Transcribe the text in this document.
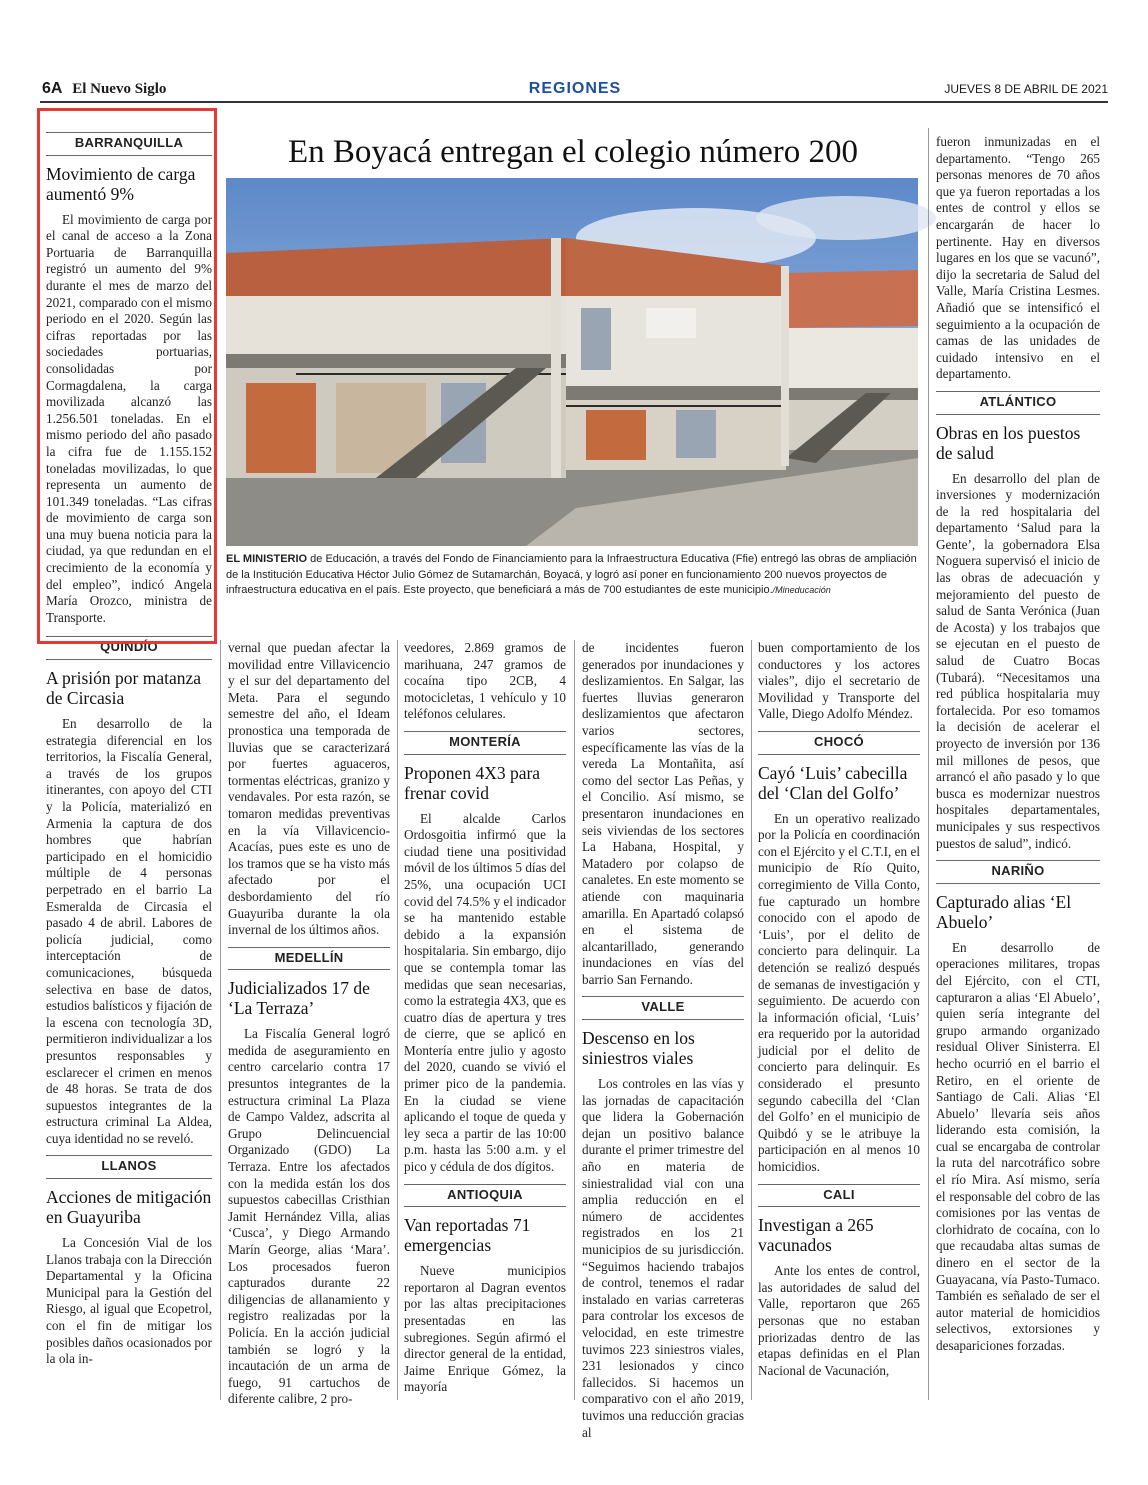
6A El Nuevo Siglo	REGIONES	JUEVES 8 DE ABRIL DE 2021
BARRANQUILLA
Movimiento de carga aumentó 9%

El movimiento de carga por el canal de acceso a la Zona Portuaria de Barranquilla registró un aumento del 9% durante el mes de marzo del 2021, comparado con el mismo periodo en el 2020. Según las cifras reportadas por las sociedades portuarias, consolidadas por Cormagdalena, la carga movilizada alcanzó las 1.256.501 toneladas. En el mismo periodo del año pasado la cifra fue de 1.155.152 toneladas movilizadas, lo que representa un aumento de 101.349 toneladas. “Las cifras de movimiento de carga son una muy buena noticia para la ciudad, ya que redundan en el crecimiento de la economía y del empleo”, indicó Angela María Orozco, ministra de Transporte.

QUINDÍO
A prisión por matanza de Circasia

En desarrollo de la estrategia diferencial en los territorios, la Fiscalía General, a través de los grupos itinerantes, con apoyo del CTI y la Policía, materializó en Armenia la captura de dos hombres que habrían participado en el homicidio múltiple de 4 personas perpetrado en el barrio La Esmeralda de Circasia el pasado 4 de abril. Labores de policía judicial, como interceptación de comunicaciones, búsqueda selectiva en base de datos, estudios balísticos y fijación de la escena con tecnología 3D, permitieron individualizar a los presuntos responsables y esclarecer el crimen en menos de 48 horas. Se trata de dos supuestos integrantes de la estructura criminal La Aldea, cuya identidad no se reveló.

LLANOS
Acciones de mitigación en Guayuriba

La Concesión Vial de los Llanos trabaja con la Dirección Departamental y la Oficina Municipal para la Gestión del Riesgo, al igual que Ecopetrol, con el fin de mitigar los posibles daños ocasionados por la ola in-

En Boyacá entregan el colegio número 200
EL MINISTERIO de Educación, a través del Fondo de Financiamiento para la Infraestructura Educativa (Ffie) entregó las obras de ampliación de la Institución Educativa Héctor Julio Gómez de Sutamarchán, Boyacá, y logró así poner en funcionamiento 200 nuevos proyectos de infraestructura educativa en el país. Este proyecto, que beneficiará a más de 700 estudiantes de este municipio./Mineducación

vernal que puedan afectar la movilidad entre Villavicencio y el sur del departamento del Meta. Para el segundo semestre del año, el Ideam pronostica una temporada de lluvias que se caracterizará por fuertes aguaceros, tormentas eléctricas, granizo y vendavales. Por esta razón, se tomaron medidas preventivas en la vía Villavicencio-Acacías, pues este es uno de los tramos que se ha visto más afectado por el desbordamiento del río Guayuriba durante la ola invernal de los últimos años.

MEDELLÍN
Judicializados 17 de ‘La Terraza’

La Fiscalía General logró medida de aseguramiento en centro carcelario contra 17 presuntos integrantes de la estructura criminal La Plaza de Campo Valdez, adscrita al Grupo Delincuencial Organizado (GDO) La Terraza. Entre los afectados con la medida están los dos supuestos cabecillas Cristhian Jamit Hernández Villa, alias ‘Cusca’, y Diego Armando Marín George, alias ‘Mara’. Los procesados fueron capturados durante 22 diligencias de allanamiento y registro realizadas por la Policía. En la acción judicial también se logró y la incautación de un arma de fuego, 91 cartuchos de diferente calibre, 2 pro-

veedores, 2.869 gramos de marihuana, 247 gramos de cocaína tipo 2CB, 4 motocicletas, 1 vehículo y 10 teléfonos celulares.

MONTERÍA
Proponen 4X3 para frenar covid

El alcalde Carlos Ordosgoitia infirmó que la ciudad tiene una positividad móvil de los últimos 5 días del 25%, una ocupación UCI covid del 74.5% y el indicador se ha mantenido estable debido a la expansión hospitalaria. Sin embargo, dijo que se contempla tomar las medidas que sean necesarias, como la estrategia 4X3, que es cuatro días de apertura y tres de cierre, que se aplicó en Montería entre julio y agosto del 2020, cuando se vivió el primer pico de la pandemia. En la ciudad se viene aplicando el toque de queda y ley seca a partir de las 10:00 p.m. hasta las 5:00 a.m. y el pico y cédula de dos dígitos.

ANTIOQUIA
Van reportadas 71 emergencias

Nueve municipios reportaron al Dagran eventos por las altas precipitaciones presentadas en las subregiones. Según afirmó el director general de la entidad, Jaime Enrique Gómez, la mayoría

de incidentes fueron generados por inundaciones y deslizamientos. En Salgar, las fuertes lluvias generaron deslizamientos que afectaron varios sectores, específicamente las vías de la vereda La Montañita, así como del sector Las Peñas, y el Concilio. Así mismo, se presentaron inundaciones en seis viviendas de los sectores La Habana, Hospital, y Matadero por colapso de canaletes. En este momento se atiende con maquinaria amarilla. En Apartadó colapsó en el sistema de alcantarillado, generando inundaciones en vías del barrio San Fernando.

VALLE
Descenso en los siniestros viales

Los controles en las vías y las jornadas de capacitación que lidera la Gobernación dejan un positivo balance durante el primer trimestre del año en materia de siniestralidad vial con una amplia reducción en el número de accidentes registrados en los 21 municipios de su jurisdicción. “Seguimos haciendo trabajos de control, tenemos el radar instalado en varias carreteras para controlar los excesos de velocidad, en este trimestre tuvimos 223 siniestros viales, 231 lesionados y cinco fallecidos. Si hacemos un comparativo con el año 2019, tuvimos una reducción gracias al

buen comportamiento de los conductores y los actores viales”, dijo el secretario de Movilidad y Transporte del Valle, Diego Adolfo Méndez.

CHOCÓ
Cayó ‘Luis’ cabecilla del ‘Clan del Golfo’

En un operativo realizado por la Policía en coordinación con el Ejército y el C.T.I, en el municipio de Río Quito, corregimiento de Villa Conto, fue capturado un hombre conocido con el apodo de ‘Luis’, por el delito de concierto para delinquir. La detención se realizó después de semanas de investigación y seguimiento. De acuerdo con la información oficial, ‘Luis’ era requerido por la autoridad judicial por el delito de concierto para delinquir. Es considerado el presunto segundo cabecilla del ‘Clan del Golfo’ en el municipio de Quibdó y se le atribuye la participación en al menos 10 homicidios.

CALI
Investigan a 265 vacunados

Ante los entes de control, las autoridades de salud del Valle, reportaron que 265 personas que no estaban priorizadas dentro de las etapas definidas en el Plan Nacional de Vacunación,

fueron inmunizadas en el departamento. “Tengo 265 personas menores de 70 años que ya fueron reportadas a los entes de control y ellos se encargarán de hacer lo pertinente. Hay en diversos lugares en los que se vacunó”, dijo la secretaria de Salud del Valle, María Cristina Lesmes. Añadió que se intensificó el seguimiento a la ocupación de camas de las unidades de cuidado intensivo en el departamento.

ATLÁNTICO
Obras en los puestos de salud

En desarrollo del plan de inversiones y modernización de la red hospitalaria del departamento ‘Salud para la Gente’, la gobernadora Elsa Noguera supervisó el inicio de las obras de adecuación y mejoramiento del puesto de salud de Santa Verónica (Juan de Acosta) y los trabajos que se ejecutan en el puesto de salud de Cuatro Bocas (Tubará). “Necesitamos una red pública hospitalaria muy fortalecida. Por eso tomamos la decisión de acelerar el proyecto de inversión por 136 mil millones de pesos, que arrancó el año pasado y lo que busca es modernizar nuestros hospitales departamentales, municipales y sus respectivos puestos de salud”, indicó.

NARIÑO
Capturado alias ‘El Abuelo’

En desarrollo de operaciones militares, tropas del Ejército, con el CTI, capturaron a alias ‘El Abuelo’, quien sería integrante del grupo armando organizado residual Oliver Sinisterra. El hecho ocurrió en el barrio el Retiro, en el oriente de Santiago de Cali. Alias ‘El Abuelo’ llevaría seis años liderando esta comisión, la cual se encargaba de controlar la ruta del narcotráfico sobre el río Mira. Así mismo, sería el responsable del cobro de las comisiones por las ventas de clorhidrato de cocaína, con lo que recaudaba altas sumas de dinero en el sector de la Guayacana, vía Pasto-Tumaco. También es señalado de ser el autor material de homicidios selectivos, extorsiones y desapariciones forzadas.
